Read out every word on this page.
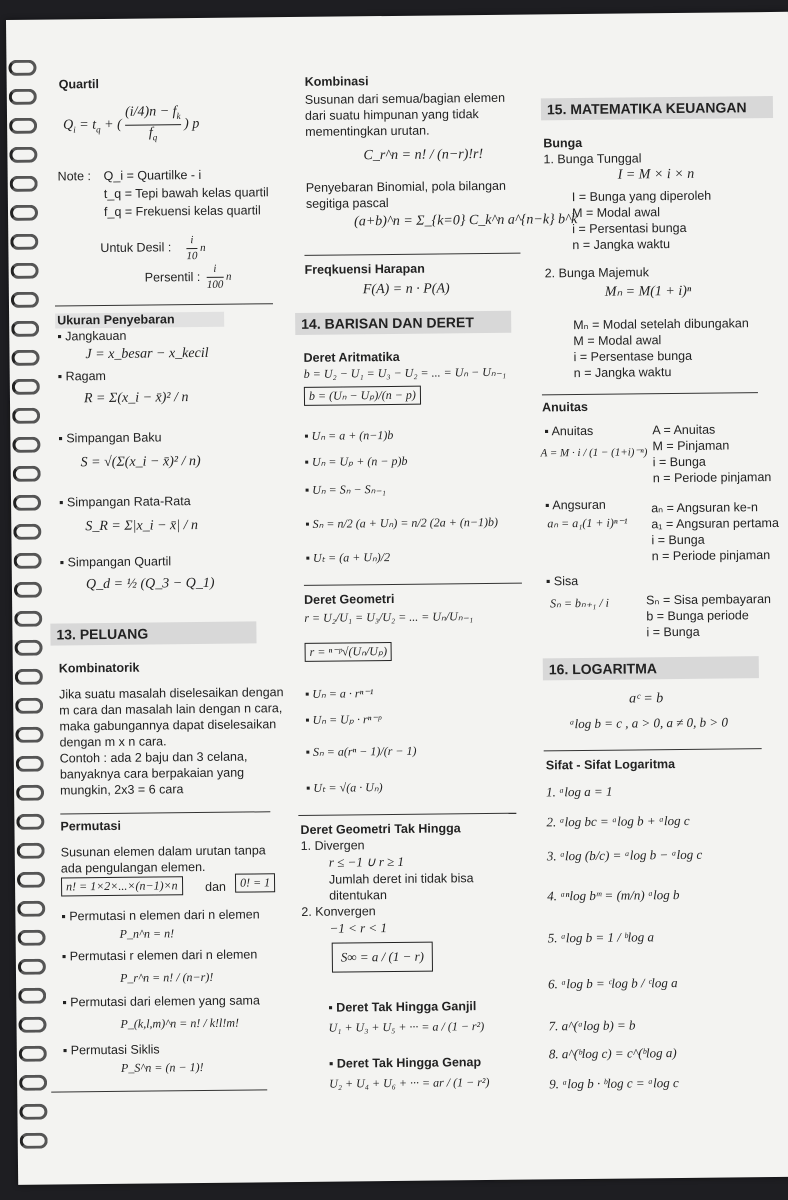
Quartil
$Q_i = t_q$ + ( $\frac{(i/4)n - f_k}{f_q}$ ) p
Note : Q_i = Quartilke - i
t_q = Tepi bawah kelas quartil
f_q = Frekuensi kelas quartil
Untuk Desil : $\frac{i}{10}$ n
Persentil : $\frac{i}{100}$ n
Ukuran Penyebaran
▪ Jangkauan
J = x_besar − x_kecil
▪ Ragam
R = Σ(x_i − x̄)² / n
▪ Simpangan Baku
S = √(Σ(x_i − x̄)² / n)
▪ Simpangan Rata-Rata
S_R = Σ|x_i − x̄| / n
▪ Simpangan Quartil
Q_d = ½ (Q_3 − Q_1)
13. PELUANG
Kombinatorik
Jika suatu masalah diselesaikan dengan
m cara dan masalah lain dengan n cara,
maka gabungannya dapat diselesaikan
dengan m x n cara.
Contoh : ada 2 baju dan 3 celana,
banyaknya cara berpakaian yang
mungkin, 2x3 = 6 cara
Permutasi
Susunan elemen dalam urutan tanpa
ada pengulangan elemen.
n! = 1×2×...×(n−1)×n	dan	0! = 1
▪ Permutasi n elemen dari n elemen
P_n^n = n!
▪ Permutasi r elemen dari n elemen
P_r^n = n! / (n−r)!
▪ Permutasi dari elemen yang sama
P_(k,l,m)^n = n! / k!l!m!
▪ Permutasi Siklis
P_S^n = (n − 1)!
Kombinasi
Susunan dari semua/bagian elemen
dari suatu himpunan yang tidak
mementingkan urutan.
C_r^n = n! / (n−r)!r!
Penyebaran Binomial, pola bilangan
segitiga pascal
(a+b)^n = Σ_{k=0} C_k^n a^{n−k} b^k
Freqkuensi Harapan
F(A) = n · P(A)
14. BARISAN DAN DERET
Deret Aritmatika
b = U₂ − U₁ = U₃ − U₂ = ... = Uₙ − Uₙ₋₁
b = (Uₙ − Uₚ)/(n − p)
▪ Uₙ = a + (n−1)b
▪ Uₙ = Uₚ + (n − p)b
▪ Uₙ = Sₙ − Sₙ₋₁
▪ Sₙ = n/2 (a + Uₙ) = n/2 (2a + (n−1)b)
▪ Uₜ = (a + Uₙ)/2
Deret Geometri
r = U₂/U₁ = U₃/U₂ = ... = Uₙ/Uₙ₋₁
r = ⁿ⁻ᵖ√(Uₙ/Uₚ)
▪ Uₙ = a · rⁿ⁻¹
▪ Uₙ = Uₚ · rⁿ⁻ᵖ
▪ Sₙ = a(rⁿ − 1)/(r − 1)
▪ Uₜ = √(a · Uₙ)
Deret Geometri Tak Hingga
1. Divergen
r ≤ −1 ∪ r ≥ 1
Jumlah deret ini tidak bisa
ditentukan
2. Konvergen
−1 < r < 1
S∞ = a / (1 − r)
▪ Deret Tak Hingga Ganjil
U₁ + U₃ + U₅ + ··· = a / (1 − r²)
▪ Deret Tak Hingga Genap
U₂ + U₄ + U₆ + ··· = ar / (1 − r²)
15. MATEMATIKA KEUANGAN
Bunga
1. Bunga Tunggal
I = M × i × n
I = Bunga yang diperoleh
M = Modal awal
i = Persentasi bunga
n = Jangka waktu
2. Bunga Majemuk
Mₙ = M(1 + i)ⁿ
Mₙ = Modal setelah dibungakan
M = Modal awal
i = Persentase bunga
n = Jangka waktu
Anuitas
▪ Anuitas
A = M · i / (1 − (1+i)⁻ⁿ)
A = Anuitas
M = Pinjaman
i = Bunga
n = Periode pinjaman
▪ Angsuran
aₙ = a₁(1 + i)ⁿ⁻¹
aₙ = Angsuran ke-n
a₁ = Angsuran pertama
i = Bunga
n = Periode pinjaman
▪ Sisa
Sₙ = bₙ₊₁ / i	Sₙ = Sisa pembayaran
b = Bunga periode
i = Bunga
16. LOGARITMA
aᶜ = b
ᵃlog b = c , a > 0, a ≠ 0, b > 0
Sifat - Sifat Logaritma
1. ᵃlog a = 1
2. ᵃlog bc = ᵃlog b + ᵃlog c
3. ᵃlog (b/c) = ᵃlog b − ᵃlog c
4. ᵃⁿlog bᵐ = (m/n) ᵃlog b
5. ᵃlog b = 1 / ᵇlog a
6. ᵃlog b = ᶜlog b / ᶜlog a
7. a^(ᵃlog b) = b
8. a^(ᵇlog c) = c^(ᵇlog a)
9. ᵃlog b · ᵇlog c = ᵃlog c
